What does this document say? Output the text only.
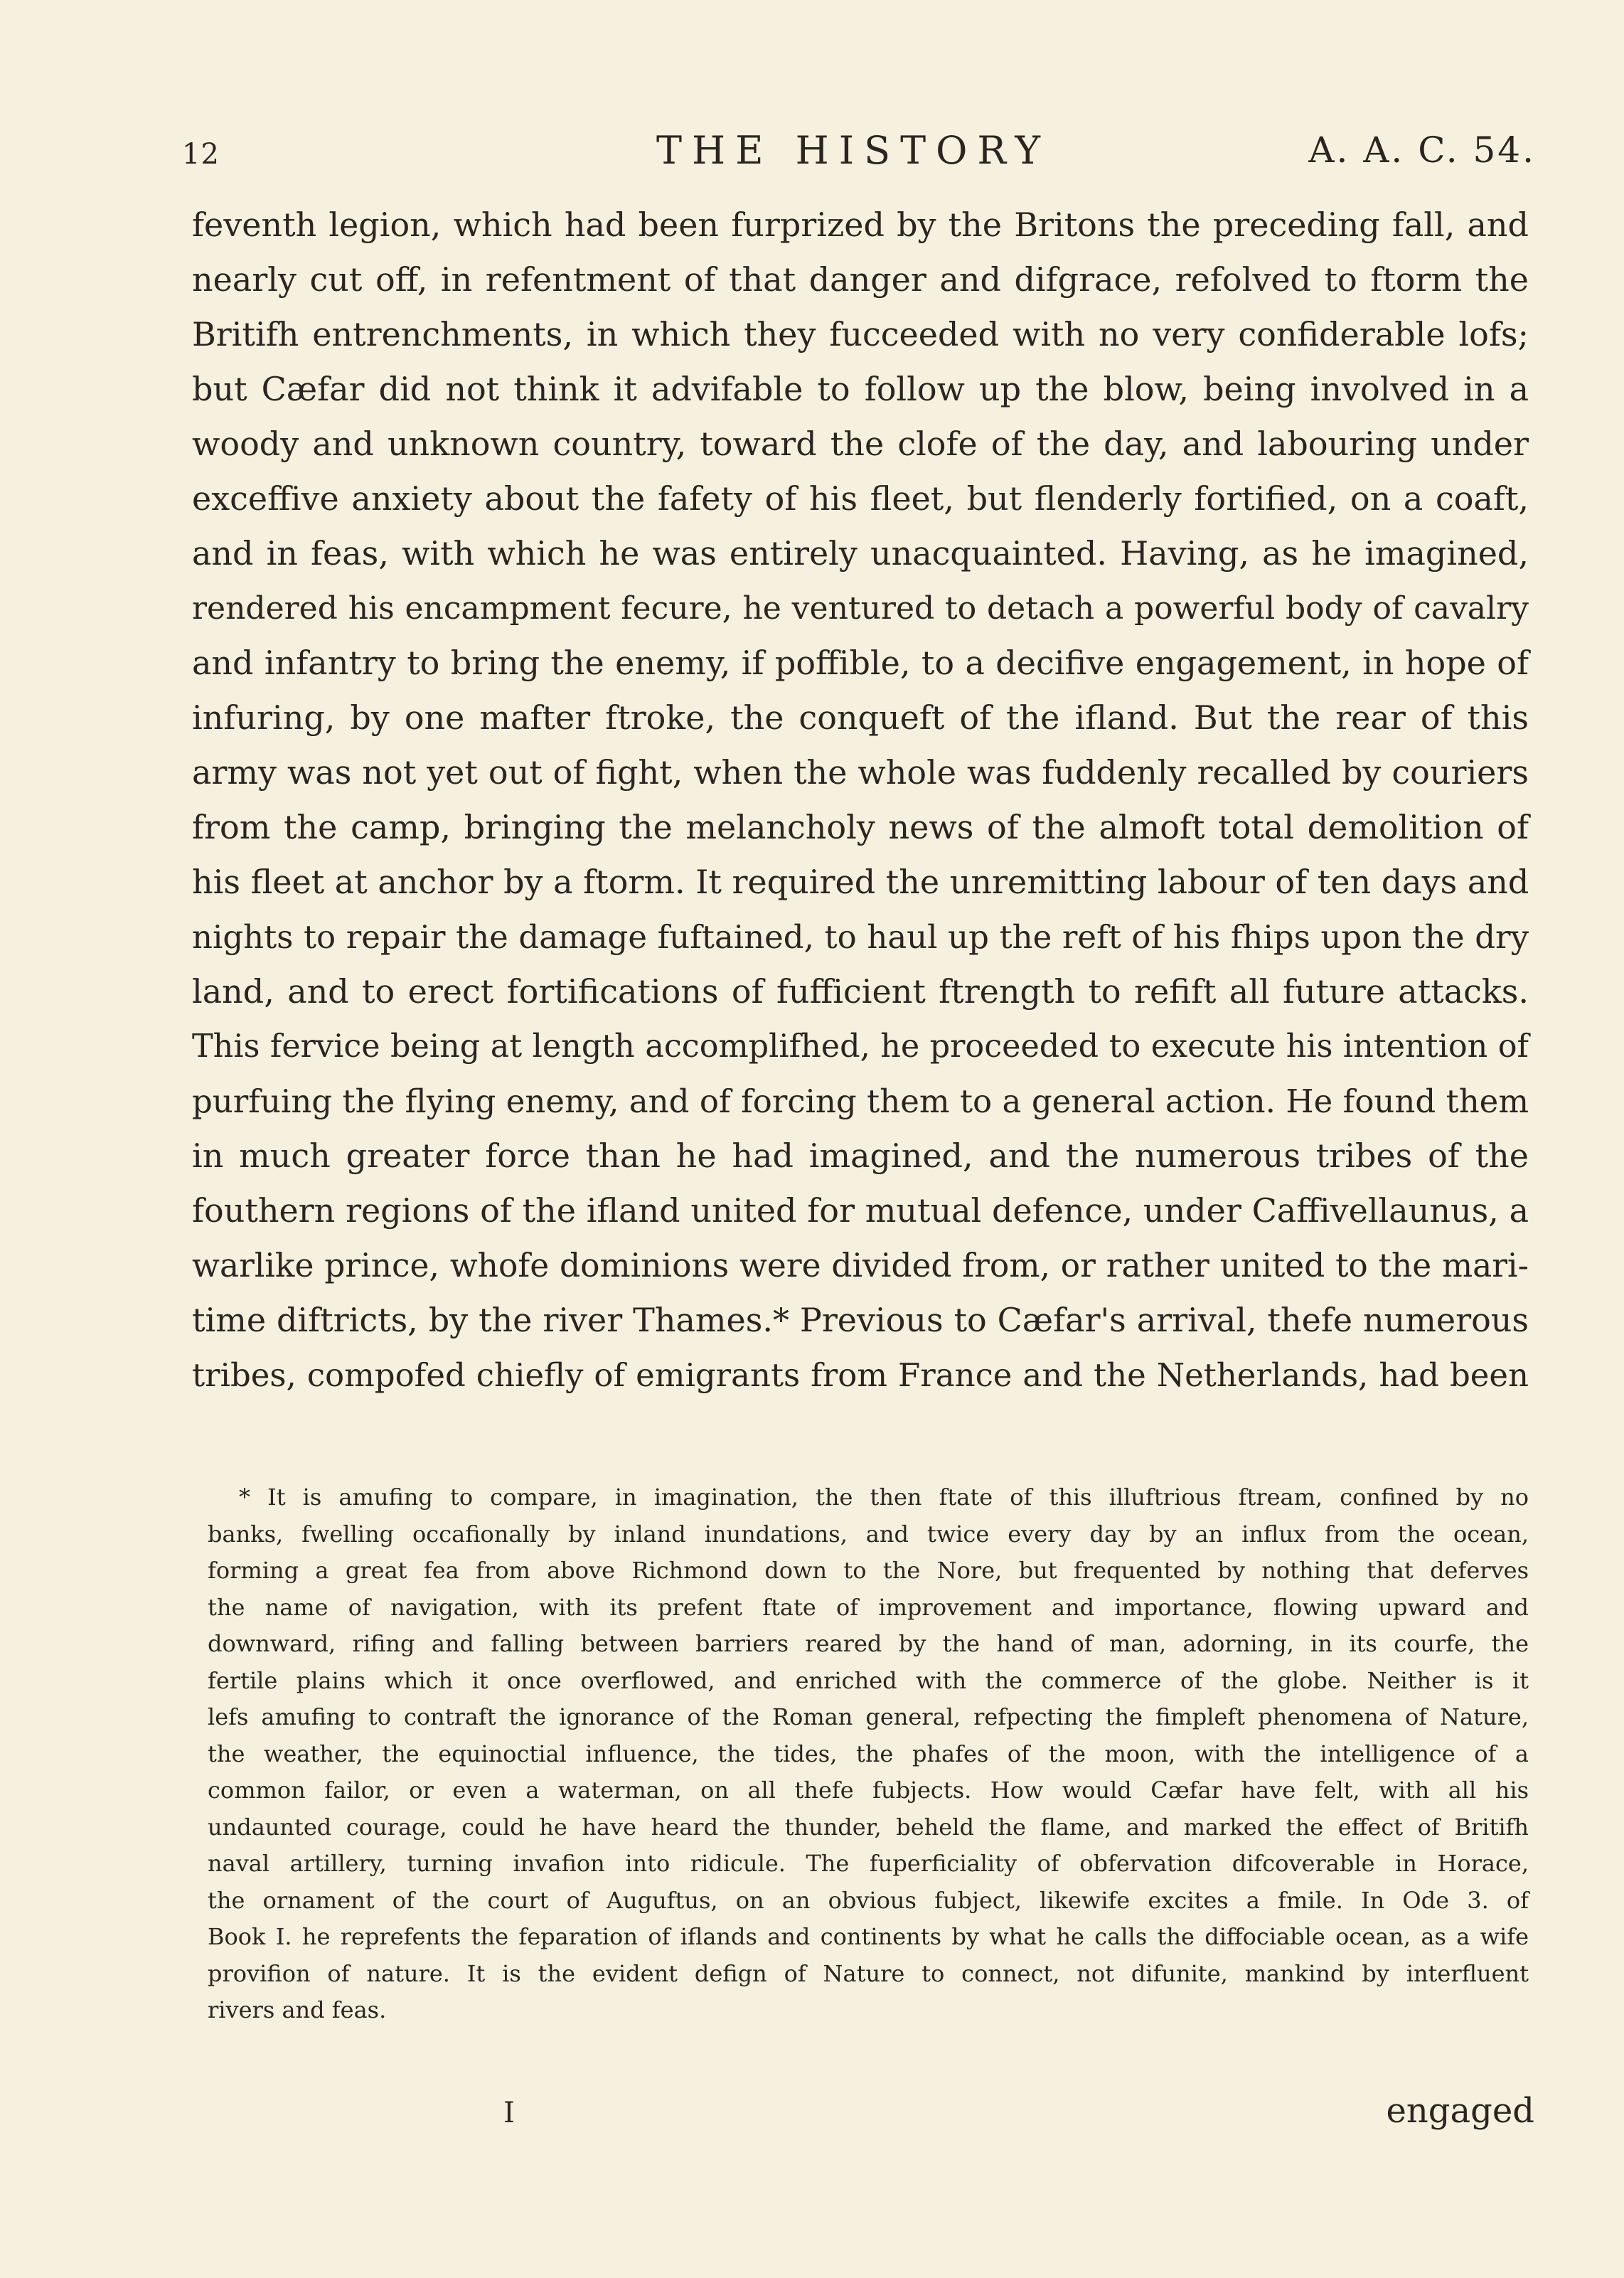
12	THE HISTORY	A. A. C. 54.
feventh legion, which had been furprized by the Britons the preceding fall, and
nearly cut off, in refentment of that danger and difgrace, refolved to ftorm the
Britifh entrenchments, in which they fucceeded with no very confiderable lofs;
but Cæfar did not think it advifable to follow up the blow, being involved in a
woody and unknown country, toward the clofe of the day, and labouring under
exceffive anxiety about the fafety of his fleet, but flenderly fortified, on a coaft,
and in feas, with which he was entirely unacquainted. Having, as he imagined,
rendered his encampment fecure, he ventured to detach a powerful body of cavalry
and infantry to bring the enemy, if poffible, to a decifive engagement, in hope of
infuring, by one mafter ftroke, the conqueft of the ifland. But the rear of this
army was not yet out of fight, when the whole was fuddenly recalled by couriers
from the camp, bringing the melancholy news of the almoft total demolition of
his fleet at anchor by a ftorm. It required the unremitting labour of ten days and
nights to repair the damage fuftained, to haul up the reft of his fhips upon the dry
land, and to erect fortifications of fufficient ftrength to refift all future attacks.
This fervice being at length accomplifhed, he proceeded to execute his intention of
purfuing the flying enemy, and of forcing them to a general action. He found them
in much greater force than he had imagined, and the numerous tribes of the
fouthern regions of the ifland united for mutual defence, under Caffivellaunus, a
warlike prince, whofe dominions were divided from, or rather united to the mari-
time diftricts, by the river Thames.* Previous to Cæfar's arrival, thefe numerous
tribes, compofed chiefly of emigrants from France and the Netherlands, had been
* It is amufing to compare, in imagination, the then ftate of this illuftrious ftream, confined by no
banks, fwelling occafionally by inland inundations, and twice every day by an influx from the ocean,
forming a great fea from above Richmond down to the Nore, but frequented by nothing that deferves
the name of navigation, with its prefent ftate of improvement and importance, flowing upward and
downward, rifing and falling between barriers reared by the hand of man, adorning, in its courfe, the
fertile plains which it once overflowed, and enriched with the commerce of the globe. Neither is it
lefs amufing to contraft the ignorance of the Roman general, refpecting the fimpleft phenomena of Nature,
the weather, the equinoctial influence, the tides, the phafes of the moon, with the intelligence of a
common failor, or even a waterman, on all thefe fubjects. How would Cæfar have felt, with all his
undaunted courage, could he have heard the thunder, beheld the flame, and marked the effect of Britifh
naval artillery, turning invafion into ridicule. The fuperficiality of obfervation difcoverable in Horace,
the ornament of the court of Auguftus, on an obvious fubject, likewife excites a fmile. In Ode 3. of
Book I. he reprefents the feparation of iflands and continents by what he calls the diffociable ocean, as a wife
provifion of nature. It is the evident defign of Nature to connect, not difunite, mankind by interfluent
rivers and feas.
I	engaged
